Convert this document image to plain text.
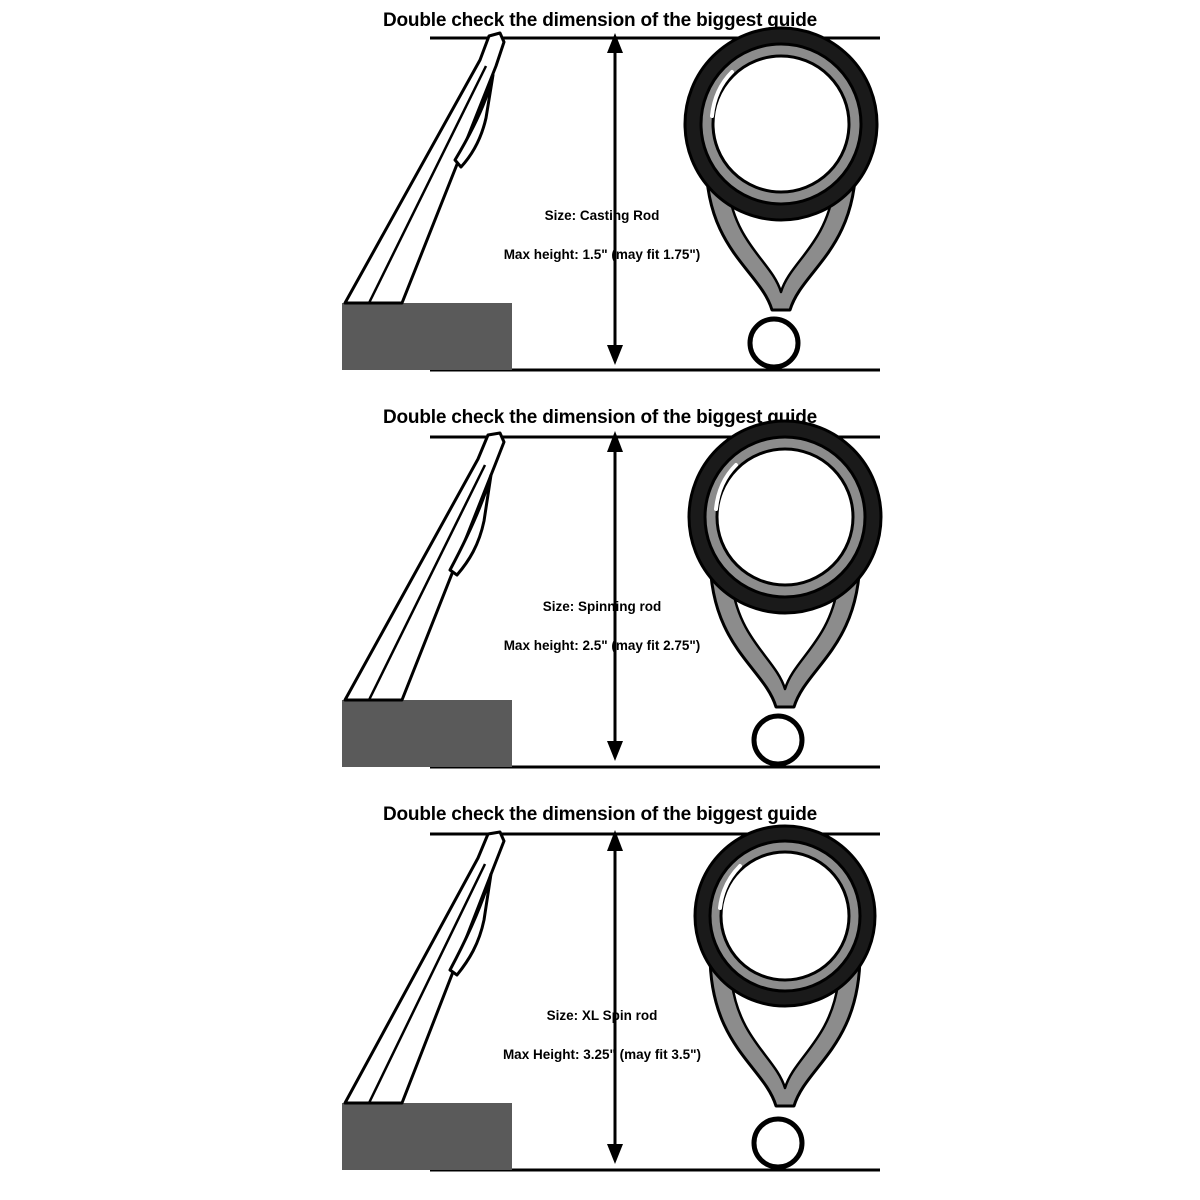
Double check the dimension of the biggest guide

Size: Casting Rod

Max height: 1.5" (may fit 1.75")

Double check the dimension of the biggest guide

Size: Spinning rod

Max height: 2.5" (may fit 2.75")

Double check the dimension of the biggest guide

Size: XL Spin rod

Max Height: 3.25" (may fit 3.5")
